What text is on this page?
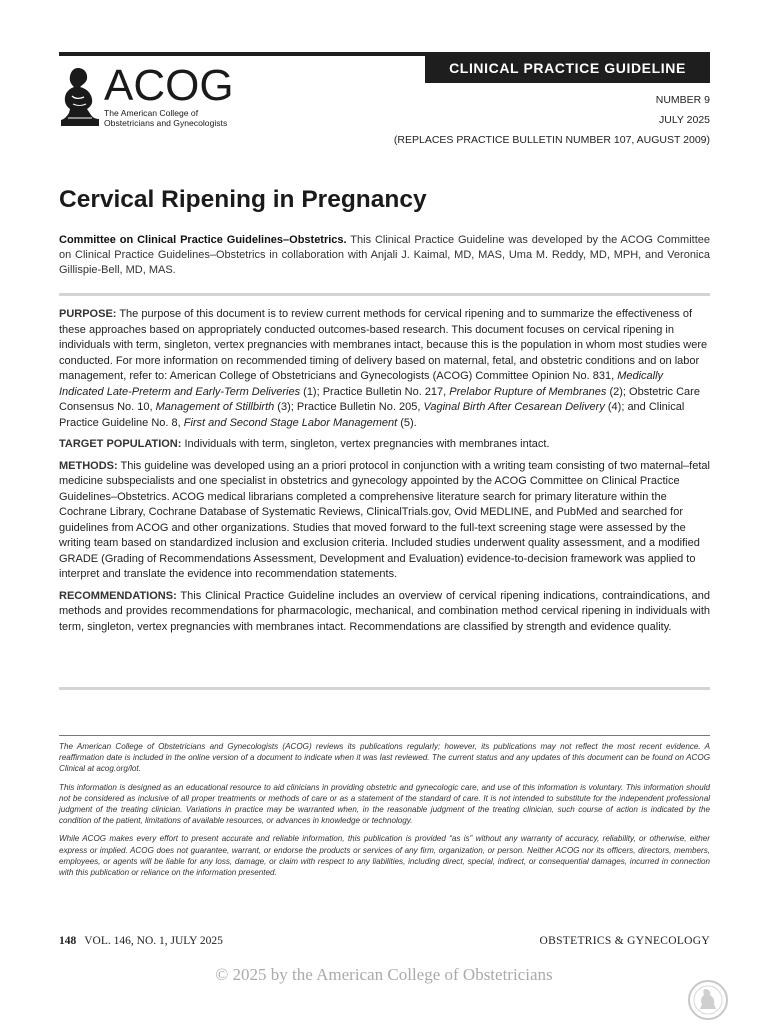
CLINICAL PRACTICE GUIDELINE
ACOG
The American College of
Obstetricians and Gynecologists
NUMBER 9
JULY 2025
(REPLACES PRACTICE BULLETIN NUMBER 107, AUGUST 2009)
Cervical Ripening in Pregnancy
Committee on Clinical Practice Guidelines–Obstetrics. This Clinical Practice Guideline was developed by the ACOG Committee on Clinical Practice Guidelines–Obstetrics in collaboration with Anjali J. Kaimal, MD, MAS, Uma M. Reddy, MD, MPH, and Veronica Gillispie-Bell, MD, MAS.

PURPOSE: The purpose of this document is to review current methods for cervical ripening and to summarize the effectiveness of these approaches based on appropriately conducted outcomes-based research. This document focuses on cervical ripening in individuals with term, singleton, vertex pregnancies with membranes intact, because this is the population in whom most studies were conducted. For more information on recommended timing of delivery based on maternal, fetal, and obstetric conditions and on labor management, refer to: American College of Obstetricians and Gynecologists (ACOG) Committee Opinion No. 831, Medically Indicated Late-Preterm and Early-Term Deliveries (1); Practice Bulletin No. 217, Prelabor Rupture of Membranes (2); Obstetric Care Consensus No. 10, Management of Stillbirth (3); Practice Bulletin No. 205, Vaginal Birth After Cesarean Delivery (4); and Clinical Practice Guideline No. 8, First and Second Stage Labor Management (5).

TARGET POPULATION: Individuals with term, singleton, vertex pregnancies with membranes intact.

METHODS: This guideline was developed using an a priori protocol in conjunction with a writing team consisting of two maternal–fetal medicine subspecialists and one specialist in obstetrics and gynecology appointed by the ACOG Committee on Clinical Practice Guidelines–Obstetrics. ACOG medical librarians completed a comprehensive literature search for primary literature within the Cochrane Library, Cochrane Database of Systematic Reviews, ClinicalTrials.gov, Ovid MEDLINE, and PubMed and searched for guidelines from ACOG and other organizations. Studies that moved forward to the full-text screening stage were assessed by the writing team based on standardized inclusion and exclusion criteria. Included studies underwent quality assessment, and a modified GRADE (Grading of Recommendations Assessment, Development and Evaluation) evidence-to-decision framework was applied to interpret and translate the evidence into recommendation statements.

RECOMMENDATIONS: This Clinical Practice Guideline includes an overview of cervical ripening indications, contraindications, and methods and provides recommendations for pharmacologic, mechanical, and combination method cervical ripening in individuals with term, singleton, vertex pregnancies with membranes intact. Recommendations are classified by strength and evidence quality.

The American College of Obstetricians and Gynecologists (ACOG) reviews its publications regularly; however, its publications may not reflect the most recent evidence. A reaffirmation date is included in the online version of a document to indicate when it was last reviewed. The current status and any updates of this document can be found on ACOG Clinical at acog.org/lot.

This information is designed as an educational resource to aid clinicians in providing obstetric and gynecologic care, and use of this information is voluntary. This information should not be considered as inclusive of all proper treatments or methods of care or as a statement of the standard of care. It is not intended to substitute for the independent professional judgment of the treating clinician. Variations in practice may be warranted when, in the reasonable judgment of the treating clinician, such course of action is indicated by the condition of the patient, limitations of available resources, or advances in knowledge or technology.

While ACOG makes every effort to present accurate and reliable information, this publication is provided “as is” without any warranty of accuracy, reliability, or otherwise, either express or implied. ACOG does not guarantee, warrant, or endorse the products or services of any firm, organization, or person. Neither ACOG nor its officers, directors, members, employees, or agents will be liable for any loss, damage, or claim with respect to any liabilities, including direct, special, indirect, or consequential damages, incurred in connection with this publication or reliance on the information presented.

148 VOL. 146, NO. 1, JULY 2025	OBSTETRICS & GYNECOLOGY
© 2025 by the American College of Obstetricians
